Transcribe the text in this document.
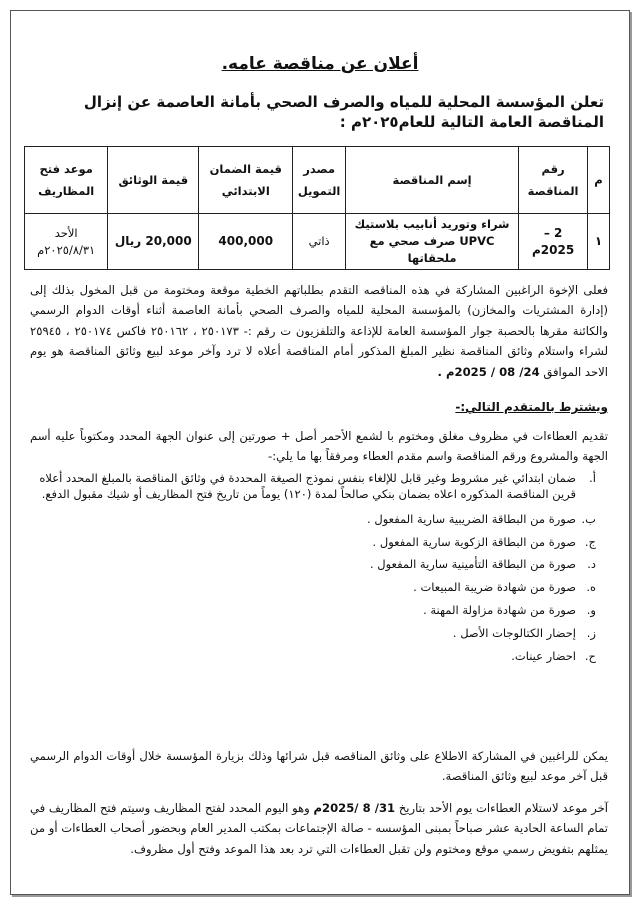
أعلان عن مناقصة عامه.
تعلن المؤسسة المحلية للمياه والصرف الصحي بأمانة العاصمة عن إنزال المناقصة العامة التالية للعام٢٠٢٥م :
م	رقم المناقصة	إسم المناقصة	مصدر التمويل	قيمة الضمان الابتدائي	قيمة الوثائق	موعد فتح المظاريف
١	2 – 2025م	شراء وتوريد أنابيب بلاستيك UPVC صرف صحي مع ملحقاتها	ذاتي	400,000	20,000 ريال	الأحد ٢٠٢٥/٨/٣١م
فعلى الإخوة الراغبين المشاركة في هذه المناقصه التقدم بطلباتهم الخطية موقعة ومختومة من قبل المخول بذلك إلى (إدارة المشتريات والمخازن) بالمؤسسة المحلية للمياه والصرف الصحي بأمانة العاصمة أثناء أوقات الدوام الرسمي والكائنة مقرها بالحصبة جوار المؤسسة العامة للإذاعة والتلفزيون ت رقم :- ٢٥٠١٧٣ ، ٢٥٠١٦٢ فاكس ٢٥٠١٧٤ ، ٢٥٩٤٥ لشراء واستلام وثائق المناقصة نظير المبلغ المذكور أمام المناقصة أعلاه لا ترد وآخر موعد لبيع وثائق المناقصة هو يوم الاحد الموافق 24/ 08 / 2025م .
ويشترط بالمتقدم التالي:-
تقديم العطاءات في مظروف مغلق ومختوم با لشمع الأحمر أصل + صورتين إلى عنوان الجهة المحدد ومكتوباً عليه أسم الجهة والمشروع ورقم المناقصة واسم مقدم العطاء ومرفقاً بها ما يلي:-
أ.
ضمان ابتدائي غير مشروط وغير قابل للإلغاء بنفس نموذج الصيغة المحددة في وثائق المناقصة بالمبلغ المحدد أعلاه قرين المناقصة المذكوره اعلاه بضمان بنكي صالحاً لمدة (١٢٠) يوماً من تاريخ فتح المظاريف أو شيك مقبول الدفع.
ب.
صورة من البطاقة الضريبية سارية المفعول .
ج.
صورة من البطاقة الزكوية سارية المفعول .
د.
صورة من البطاقة التأمينية سارية المفعول .
ه.
صورة من شهادة ضريبة المبيعات .
و.
صورة من شهادة مزاولة المهنة .
ز.
إحضار الكتالوجات الأصل .
ح.
احضار عينات.
يمكن للراغبين في المشاركة الاطلاع على وثائق المناقصه قبل شرائها وذلك بزيارة المؤسسة خلال أوقات الدوام الرسمي قبل آخر موعد لبيع وثائق المناقصة.
آخر موعد لاستلام العطاءات يوم الأحد بتاريخ 31/ 8 /2025م وهو اليوم المحدد لفتح المظاريف وسيتم فتح المظاريف في تمام الساعة الحادية عشر صباحاً بمبنى المؤسسه - صالة الإجتماعات بمكتب المدير العام وبحضور أصحاب العطاءات أو من يمثلهم بتفويض رسمي موقع ومختوم ولن تقبل العطاءات التي ترد بعد هذا الموعد وفتح أول مظروف.
